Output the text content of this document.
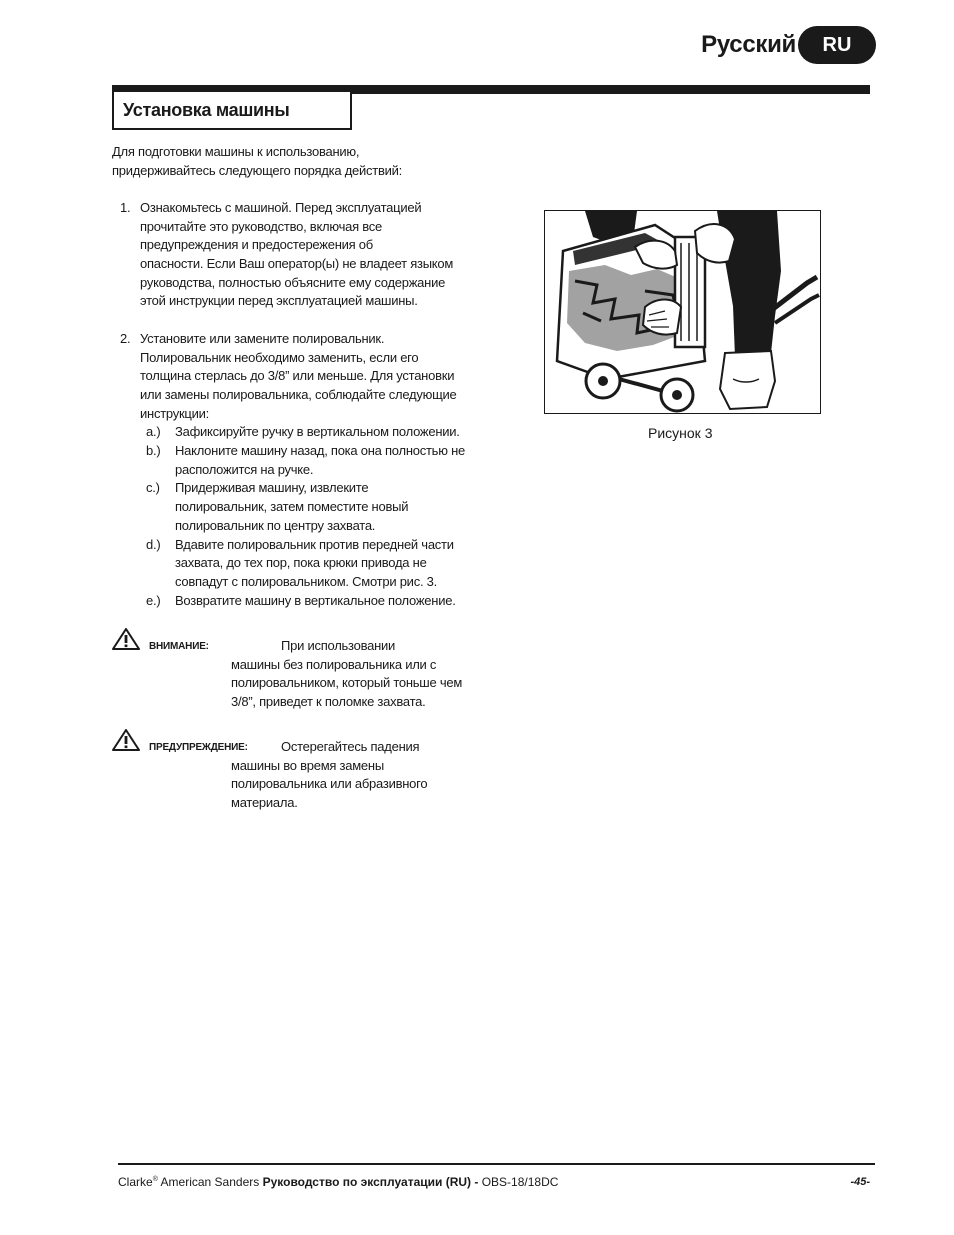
Русский	RU
Установка машины
Для подготовки машины к использованию,
придерживайтесь следующего порядка действий:
1. Ознакомьтесь с машиной. Перед эксплуатацией
прочитайте это руководство, включая все
предупреждения и предостережения об
опасности. Если Ваш оператор(ы) не владеет языком
руководства, полностью объясните ему содержание
этой инструкции перед эксплуатацией машины.
2. Установите или замените полировальник.
Полировальник необходимо заменить, если его
толщина стерлась до 3/8” или меньше. Для установки
или замены полировальника, соблюдайте следующие
инструкции:
a.) Зафиксируйте ручку в вертикальном положении.
b.) Наклоните машину назад, пока она полностью не
расположится на ручке.
c.) Придерживая машину, извлеките
полировальник, затем поместите новый
полировальник по центру захвата.
d.) Вдавите полировальник против передней части
захвата, до тех пор, пока крюки привода не
совпадут с полировальником. Смотри рис. 3.
e.) Возвратите машину в вертикальное положение.
ВНИМАНИЕ:	При использовании
машины без полировальника или с
полировальником, который тоньше чем
3/8”, приведет к поломке захвата.
ПРЕДУПРЕЖДЕНИЕ:	Остерегайтесь падения
машины во время замены
полировальника или абразивного
материала.
Рисунок 3
Clarke® American Sanders Руководство по эксплуатации (RU) - OBS-18/18DC	-45-
